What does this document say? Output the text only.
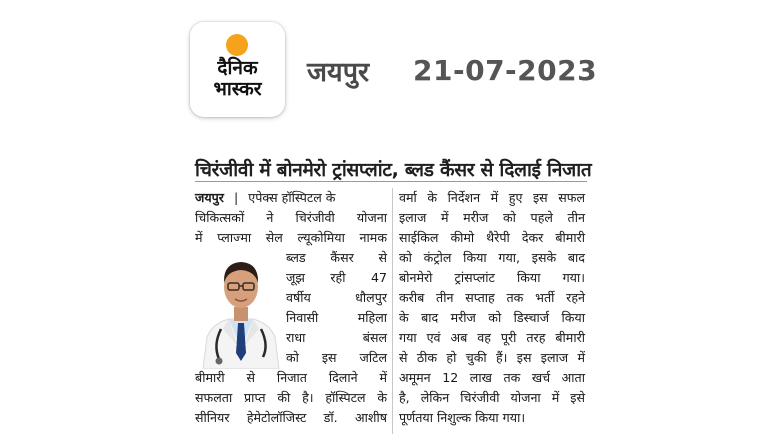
दैनिक
भास्कर
जयपुर 21-07-2023
चिरंजीवी में बोनमेरो ट्रांसप्लांट, ब्लड कैंसर से दिलाई निजात
जयपुर | एपेक्स हॉस्पिटल के
चिकित्सकों ने चिरंजीवी योजना
में प्लाज्मा सेल ल्यूकोमिया नामक
ब्लड कैंसर से
जूझ रही 47
वर्षीय धौलपुर
निवासी महिला
राधा बंसल
को इस जटिल
बीमारी से निजात दिलाने में
सफलता प्राप्त की है। हॉस्पिटल के
सीनियर हेमेटोलॉजिस्ट डॉ. आशीष
वर्मा के निर्देशन में हुए इस सफल
इलाज में मरीज को पहले तीन
साईकिल कीमो थैरेपी देकर बीमारी
को कंट्रोल किया गया, इसके बाद
बोनमेरो ट्रांसप्लांट किया गया।
करीब तीन सप्ताह तक भर्ती रहने
के बाद मरीज को डिस्चार्ज किया
गया एवं अब वह पूरी तरह बीमारी
से ठीक हो चुकी हैं। इस इलाज में
अमूमन 12 लाख तक खर्च आता
है, लेकिन चिरंजीवी योजना में इसे
पूर्णतया निशुल्क किया गया।
